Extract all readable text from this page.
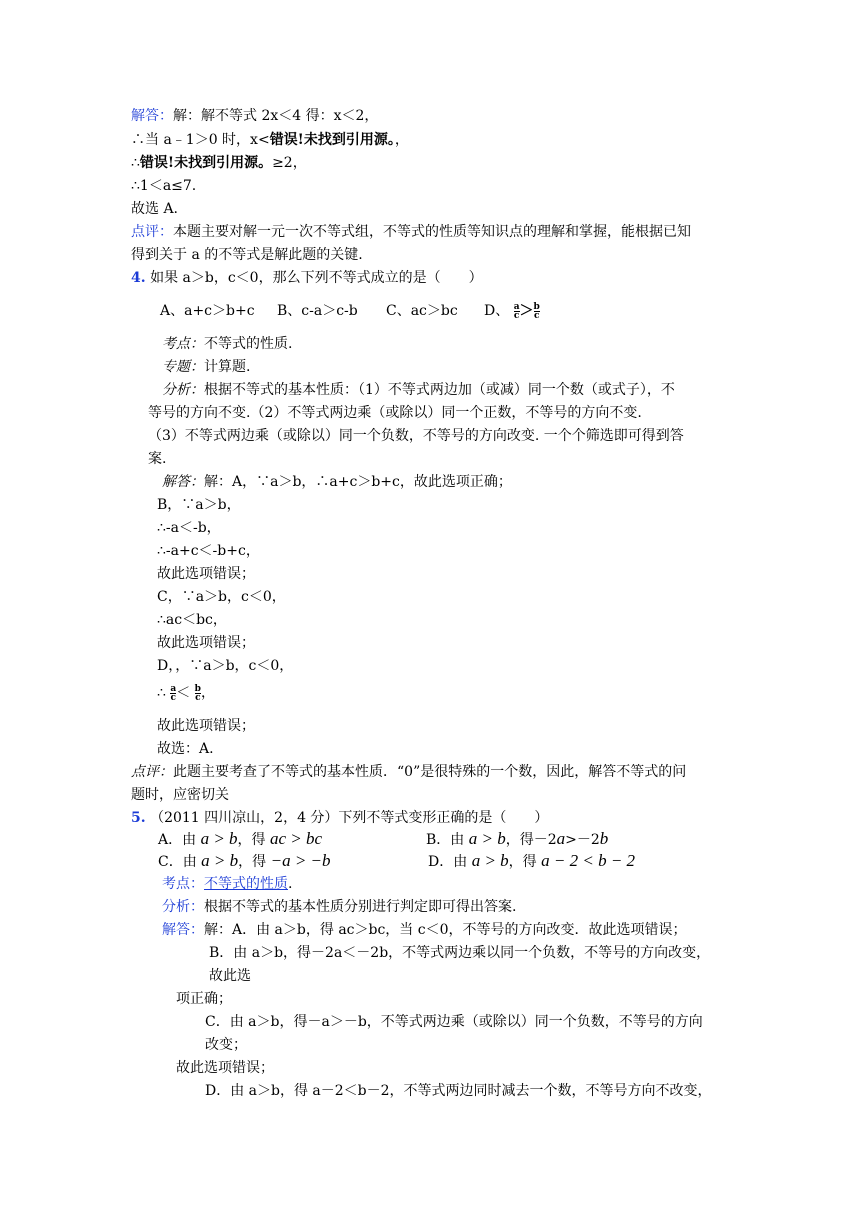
解答：解：解不等式 2x＜4 得：x＜2，
∴当 a﹣1＞0 时，x<错误!未找到引用源。，
∴错误!未找到引用源。≥2，
∴1＜a≤7.
故选 A.
点评：本题主要对解一元一次不等式组，不等式的性质等知识点的理解和掌握，能根据已知
得到关于 a 的不等式是解此题的关键.
4. 如果 a＞b，c＜0，那么下列不等式成立的是（　　）
A、a+c＞b+c B、c-a＞c-b C、ac＞bc D、 $\frac{a}{c} > \frac{b}{c}$
考点：不等式的性质.
专题：计算题.
分析：根据不等式的基本性质：（1）不等式两边加（或减）同一个数（或式子），不
等号的方向不变.（2）不等式两边乘（或除以）同一个正数，不等号的方向不变.
（3）不等式两边乘（或除以）同一个负数，不等号的方向改变. 一个个筛选即可得到答
案.
解答：解：A，∵a＞b，∴a+c＞b+c，故此选项正确；
B，∵a＞b，
∴-a＜-b，
∴-a+c＜-b+c，
故此选项错误；
C，∵a＞b，c＜0，
∴ac＜bc，
故此选项错误；
D，，∵a＞b，c＜0，
∴ $\frac{a}{c} < \frac{b}{c}$ ，
故此选项错误；
故选：A.
点评：此题主要考查了不等式的基本性质．“0”是很特殊的一个数，因此，解答不等式的问
题时，应密切关
5. （2011 四川凉山，2，4 分）下列不等式变形正确的是（　　）
A．由 a > b，得 ac > bc	B．由 a > b，得－2a>－2b
C．由 a > b，得 −a > −b	D．由 a > b，得 a − 2 < b − 2
考点：不等式的性质.
分析：根据不等式的基本性质分别进行判定即可得出答案.
解答：解：A．由 a＞b，得 ac＞bc，当 c＜0，不等号的方向改变．故此选项错误；
B．由 a＞b，得－2a＜－2b，不等式两边乘以同一个负数，不等号的方向改变，
故此选
项正确；
C．由 a＞b，得－a＞－b，不等式两边乘（或除以）同一个负数，不等号的方向
改变；
故此选项错误；
D．由 a＞b，得 a－2＜b－2，不等式两边同时减去一个数，不等号方向不改变，
